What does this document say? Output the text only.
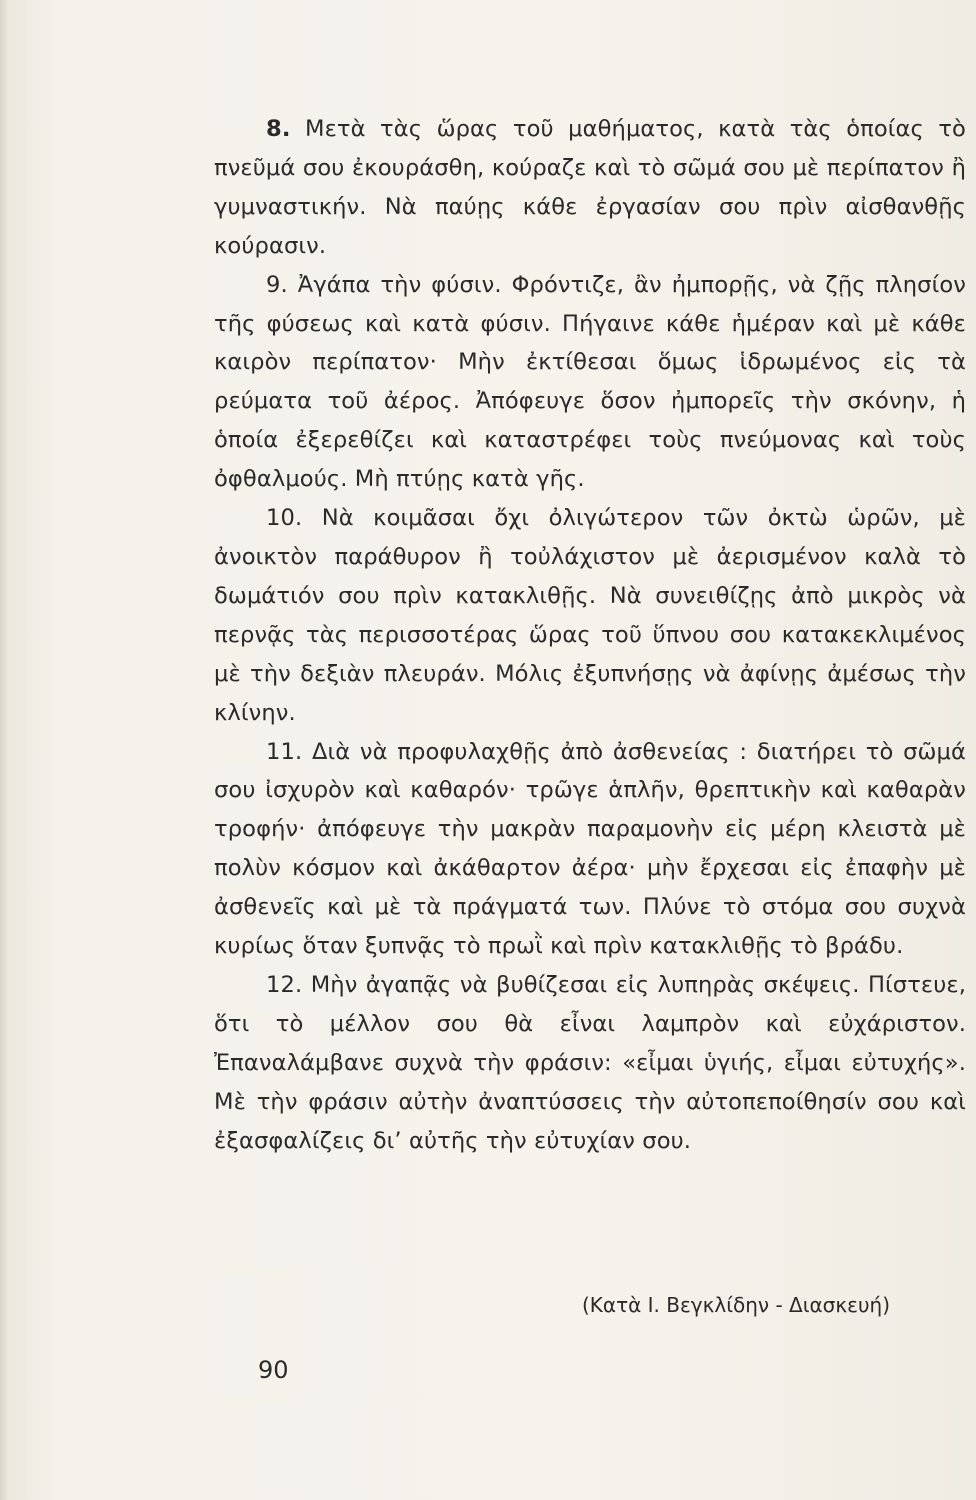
8. Μετὰ τὰς ὥρας τοῦ μαθήματος, κατὰ τὰς ὁποίας τὸ πνεῦμά σου ἐκουράσθη, κούραζε καὶ τὸ σῶμά σου μὲ περίπατον ἢ γυμναστικήν. Νὰ παύῃς κάθε ἐργασίαν σου πρὶν αἰσθανθῇς κούρασιν.

9. Ἀγάπα τὴν φύσιν. Φρόντιζε, ἂν ἠμπορῇς, νὰ ζῇς πλησίον τῆς φύσεως καὶ κατὰ φύσιν. Πήγαινε κάθε ἡμέραν καὶ μὲ κάθε καιρὸν περίπατον· Μὴν ἐκτίθεσαι ὅμως ἱδρωμένος εἰς τὰ ρεύματα τοῦ ἀέρος. Ἀπόφευγε ὅσον ἠμπορεῖς τὴν σκόνην, ἡ ὁποία ἐξερεθίζει καὶ καταστρέφει τοὺς πνεύμονας καὶ τοὺς ὀφθαλμούς. Μὴ πτύῃς κατὰ γῆς.

10. Νὰ κοιμᾶσαι ὄχι ὀλιγώτερον τῶν ὀκτὼ ὡρῶν, μὲ ἀνοικτὸν παράθυρον ἢ τοὐλάχιστον μὲ ἀερισμένον καλὰ τὸ δωμάτιόν σου πρὶν κατακλιθῇς. Νὰ συνειθίζῃς ἀπὸ μικρὸς νὰ περνᾷς τὰς περισσοτέρας ὥρας τοῦ ὕπνου σου κατακεκλιμένος μὲ τὴν δεξιὰν πλευράν. Μόλις ἐξυπνήσῃς νὰ ἀφίνῃς ἀμέσως τὴν κλίνην.

11. Διὰ νὰ προφυλαχθῇς ἀπὸ ἀσθενείας : διατήρει τὸ σῶμά σου ἰσχυρὸν καὶ καθαρόν· τρῶγε ἁπλῆν, θρεπτικὴν καὶ καθαρὰν τροφήν· ἀπόφευγε τὴν μακρὰν παραμονὴν εἰς μέρη κλειστὰ μὲ πολὺν κόσμον καὶ ἀκάθαρτον ἀέρα· μὴν ἔρχεσαι εἰς ἐπαφὴν μὲ ἀσθενεῖς καὶ μὲ τὰ πράγματά των. Πλύνε τὸ στόμα σου συχνὰ κυρίως ὅταν ξυπνᾷς τὸ πρωῒ καὶ πρὶν κατακλιθῇς τὸ βράδυ.

12. Μὴν ἀγαπᾷς νὰ βυθίζεσαι εἰς λυπηρὰς σκέψεις. Πίστευε, ὅτι τὸ μέλλον σου θὰ εἶναι λαμπρὸν καὶ εὐχάριστον. Ἐπαναλάμβανε συχνὰ τὴν φράσιν: «εἶμαι ὑγιής, εἶμαι εὐτυχής». Μὲ τὴν φράσιν αὐτὴν ἀναπτύσσεις τὴν αὐτοπεποίθησίν σου καὶ ἐξασφαλίζεις δι’ αὐτῆς τὴν εὐτυχίαν σου.

(Κατὰ Ι. Βεγκλίδην - Διασκευή)
90
